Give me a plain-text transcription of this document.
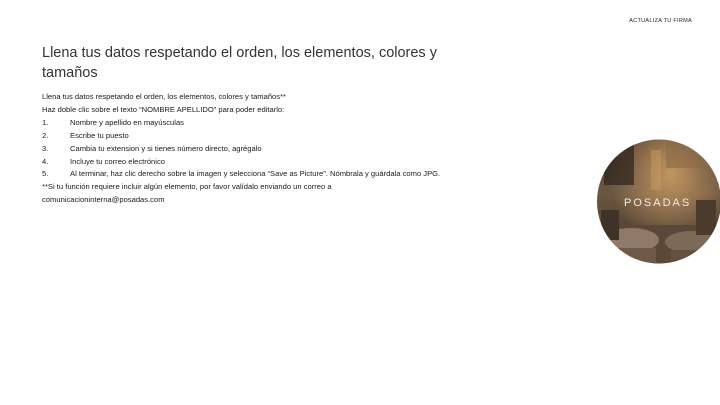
ACTUALIZA TU FIRMA
Llena tus datos respetando el orden, los elementos, colores y tamaños

Llena tus datos respetando el orden, los elementos, colores y tamaños**

Haz doble clic sobre el texto “NOMBRE APELLIDO” para poder editarlo:

1.	Nombre y apellido en mayúsculas

2.	Escribe tu puesto

3.	Cambia tu extension y si tienes número directo, agrégalo

4.	Incluye tu correo electrónico

5.	Al terminar, haz clic derecho sobre la imagen y selecciona “Save as Picture”. Nómbrala y guárdala como JPG.

**Si tu función requiere incluir algún elemento, por favor valídalo enviando un correo a

comunicacioninterna@posadas.com	POSADAS
